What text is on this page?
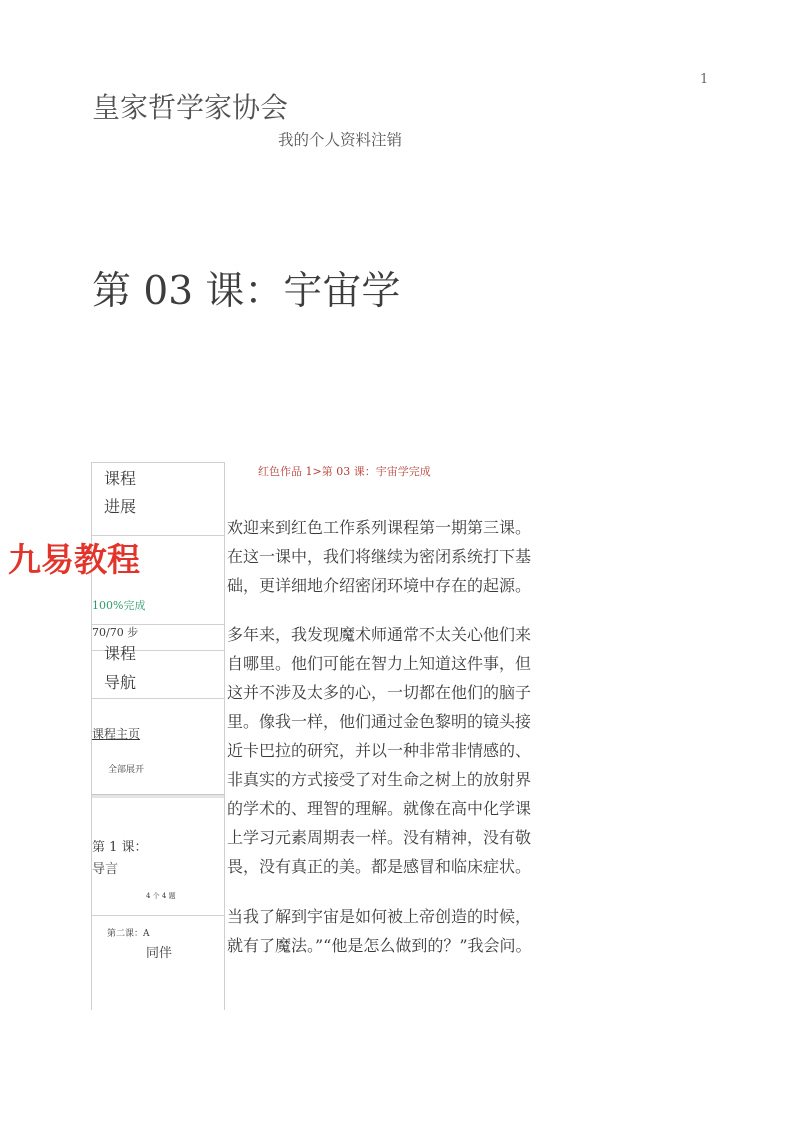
1
皇家哲学家协会
我的个人资料注销
第 03 课：宇宙学
课程进展
100%完成
70/70 步
课程导航
课程主页
全部展开
第 1 课：
导言
4 个 4 题
第二课：A
同伴
九易教程
红色作品 1>第 03 课：宇宙学完成
欢迎来到红色工作系列课程第一期第三课。
在这一课中，我们将继续为密闭系统打下基
础，更详细地介绍密闭环境中存在的起源。
多年来，我发现魔术师通常不太关心他们来
自哪里。他们可能在智力上知道这件事，但
这并不涉及太多的心，一切都在他们的脑子
里。像我一样，他们通过金色黎明的镜头接
近卡巴拉的研究，并以一种非常非情感的、
非真实的方式接受了对生命之树上的放射界
的学术的、理智的理解。就像在高中化学课
上学习元素周期表一样。没有精神，没有敬
畏，没有真正的美。都是感冒和临床症状。
当我了解到宇宙是如何被上帝创造的时候，
就有了魔法。”“他是怎么做到的？”我会问。
